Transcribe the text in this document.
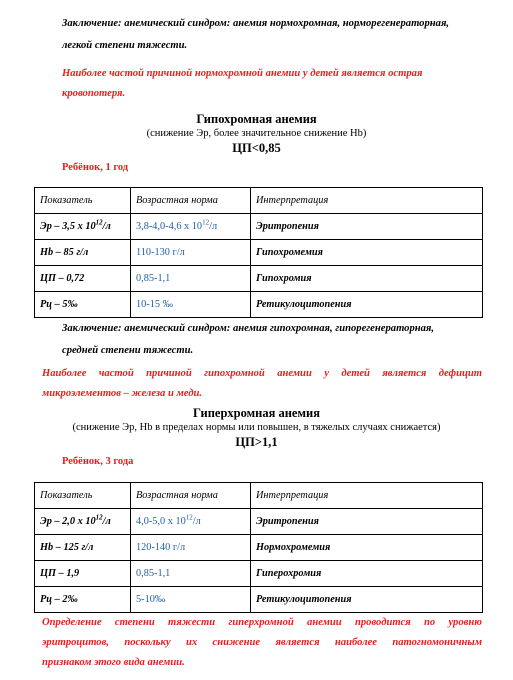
Заключение: анемический синдром: анемия нормохромная, норморегенераторная,
легкой степени тяжести.

Наиболее частой причиной нормохромной анемии у детей является острая
кровопотеря.

Гипохромная анемия

(снижение Эр, более значительное снижение Hb)

ЦП<0,85

Ребёнок, 1 год

Показатель	Возрастная норма	Интерпретация
Эр – 3,5 х $10^{12}/л$	3,8-4,0-4,6 х $10^{12}/л$	Эритропения
Hb – 85 г/л	110-130 г/л	Гипохромемия
ЦП – 0,72	0,85-1,1	Гипохромия
Рц – 5‰	10-15 ‰	Ретикулоцитопения

Заключение: анемический синдром: анемия гипохромная, гипорегенераторная,
средней степени тяжести.

Наиболее частой причиной гипохромной анемии у детей является дефицит
микроэлементов – железа и меди.

Гиперхромная анемия

(снижение Эр, Hb в пределах нормы или повышен, в тяжелых случаях снижается)

ЦП>1,1

Ребёнок, 3 года

Показатель	Возрастная норма	Интерпретация
Эр – 2,0 х $10^{12}/л$	4,0-5,0 х $10^{12}/л$	Эритропения
Hb – 125 г/л	120-140 г/л	Нормохромемия
ЦП – 1,9	0,85-1,1	Гиперохромия
Рц – 2‰	5-10‰	Ретикулоцитопения

Определение степени тяжести гиперхромной анемии проводится по уровню
эритроцитов, поскольку их снижение является наиболее патогномоничным
признаком этого вида анемии.
